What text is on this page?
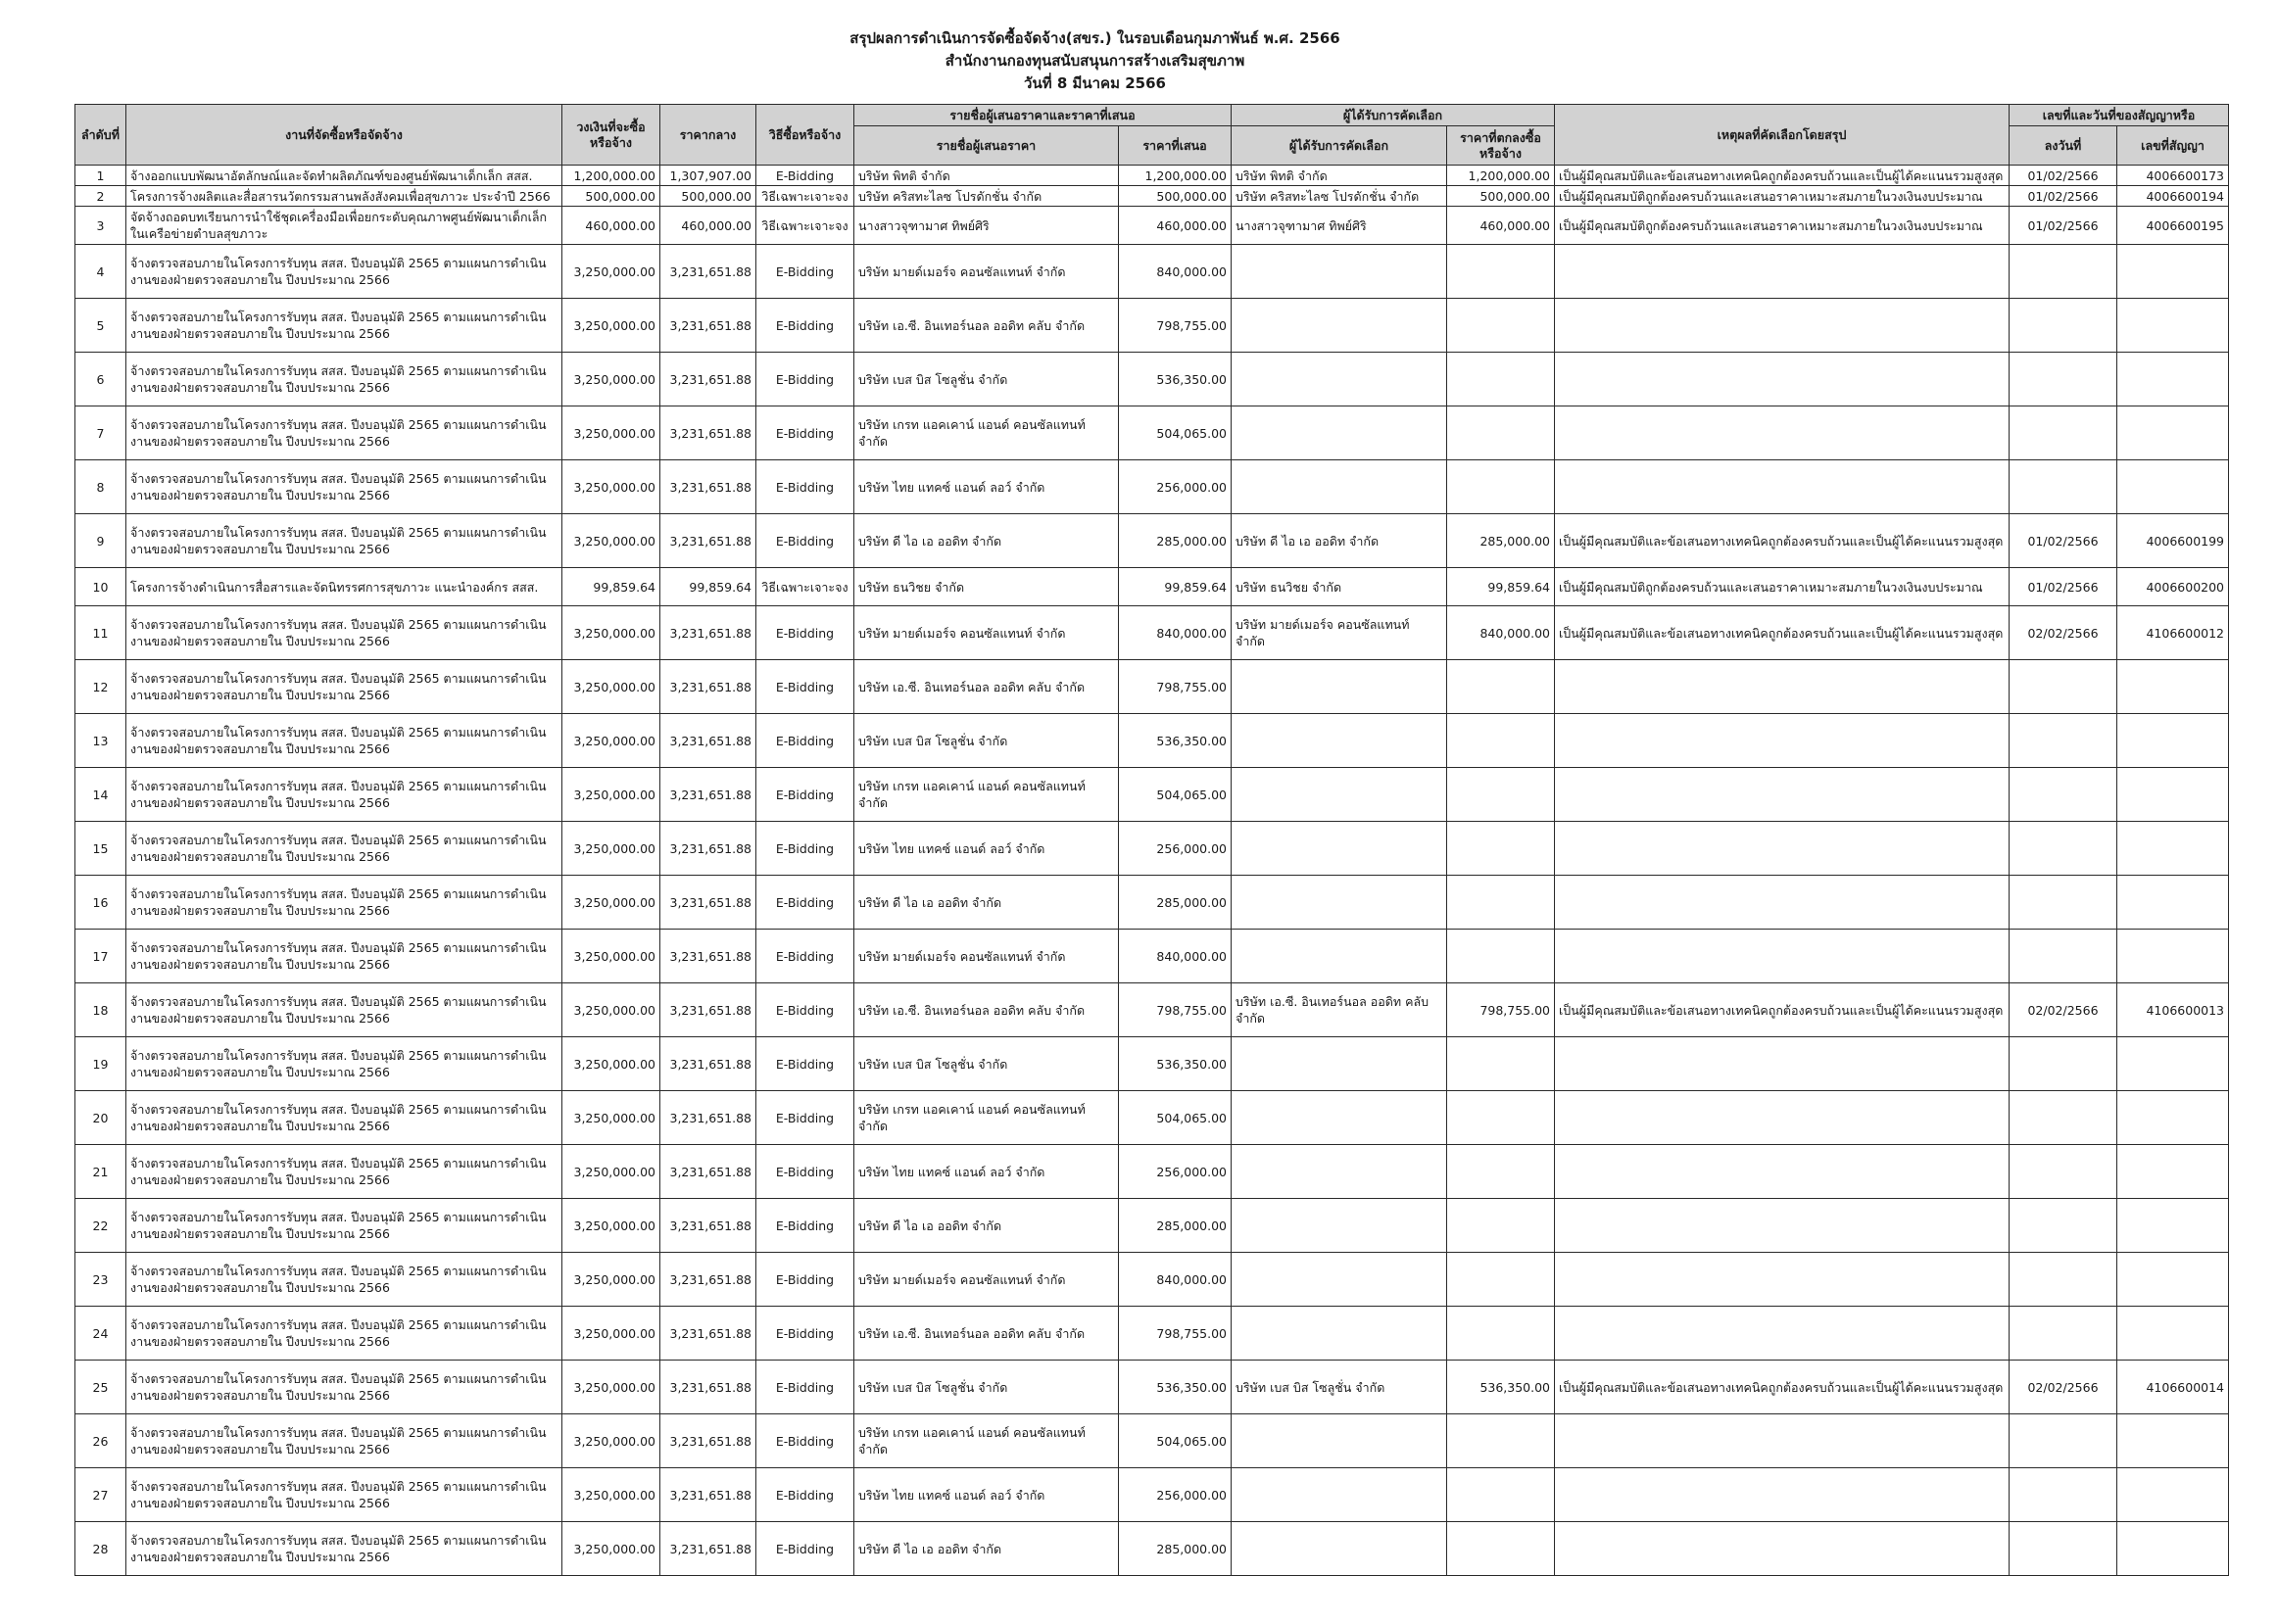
สรุปผลการดำเนินการจัดซื้อจัดจ้าง(สขร.) ในรอบเดือนกุมภาพันธ์ พ.ศ. 2566
สำนักงานกองทุนสนับสนุนการสร้างเสริมสุขภาพ
วันที่ 8 มีนาคม 2566
ลำดับที่	งานที่จัดซื้อหรือจัดจ้าง	วงเงินที่จะซื้อหรือจ้าง	ราคากลาง	วิธีซื้อหรือจ้าง	รายชื่อผู้เสนอราคาและราคาที่เสนอ		ผู้ได้รับการคัดเลือก		เหตุผลที่คัดเลือกโดยสรุป	เลขที่และวันที่ของสัญญาหรือ	
					รายชื่อผู้เสนอราคา	ราคาที่เสนอ	ผู้ได้รับการคัดเลือก	ราคาที่ตกลงซื้อหรือจ้าง		ลงวันที่	เลขที่สัญญา
1	จ้างออกแบบพัฒนาอัตลักษณ์และจัดทำผลิตภัณฑ์ของศูนย์พัฒนาเด็กเล็ก สสส.	1,200,000.00	1,307,907.00	E-Bidding	บริษัท พิทติ จำกัด	1,200,000.00	บริษัท พิทติ จำกัด	1,200,000.00	เป็นผู้มีคุณสมบัติและข้อเสนอทางเทคนิคถูกต้องครบถ้วนและเป็นผู้ได้คะแนนรวมสูงสุด	01/02/2566	4006600173
2	โครงการจ้างผลิตและสื่อสารนวัตกรรมสานพลังสังคมเพื่อสุขภาวะ ประจำปี 2566	500,000.00	500,000.00	วิธีเฉพาะเจาะจง	บริษัท คริสทะไลซ โปรดักชั่น จำกัด	500,000.00	บริษัท คริสทะไลซ โปรดักชั่น จำกัด	500,000.00	เป็นผู้มีคุณสมบัติถูกต้องครบถ้วนและเสนอราคาเหมาะสมภายในวงเงินงบประมาณ	01/02/2566	4006600194
3	จัดจ้างถอดบทเรียนการนำใช้ชุดเครื่องมือเพื่อยกระดับคุณภาพศูนย์พัฒนาเด็กเล็กในเครือข่ายตำบลสุขภาวะ	460,000.00	460,000.00	วิธีเฉพาะเจาะจง	นางสาวจุฑามาศ ทิพย์ศิริ	460,000.00	นางสาวจุฑามาศ ทิพย์ศิริ	460,000.00	เป็นผู้มีคุณสมบัติถูกต้องครบถ้วนและเสนอราคาเหมาะสมภายในวงเงินงบประมาณ	01/02/2566	4006600195
4	จ้างตรวจสอบภายในโครงการรับทุน สสส. ปีงบอนุมัติ 2565 ตามแผนการดำเนินงานของฝ่ายตรวจสอบภายใน ปีงบประมาณ 2566	3,250,000.00	3,231,651.88	E-Bidding	บริษัท มายด์เมอร์จ คอนซัลแทนท์ จำกัด	840,000.00					
5	จ้างตรวจสอบภายในโครงการรับทุน สสส. ปีงบอนุมัติ 2565 ตามแผนการดำเนินงานของฝ่ายตรวจสอบภายใน ปีงบประมาณ 2566	3,250,000.00	3,231,651.88	E-Bidding	บริษัท เอ.ซี. อินเทอร์นอล ออดิท คลับ จำกัด	798,755.00					
6	จ้างตรวจสอบภายในโครงการรับทุน สสส. ปีงบอนุมัติ 2565 ตามแผนการดำเนินงานของฝ่ายตรวจสอบภายใน ปีงบประมาณ 2566	3,250,000.00	3,231,651.88	E-Bidding	บริษัท เบส บิส โซลูชั่น จำกัด	536,350.00					
7	จ้างตรวจสอบภายในโครงการรับทุน สสส. ปีงบอนุมัติ 2565 ตามแผนการดำเนินงานของฝ่ายตรวจสอบภายใน ปีงบประมาณ 2566	3,250,000.00	3,231,651.88	E-Bidding	บริษัท เกรท แอคเคาน์ แอนด์ คอนซัลแทนท์ จำกัด	504,065.00					
8	จ้างตรวจสอบภายในโครงการรับทุน สสส. ปีงบอนุมัติ 2565 ตามแผนการดำเนินงานของฝ่ายตรวจสอบภายใน ปีงบประมาณ 2566	3,250,000.00	3,231,651.88	E-Bidding	บริษัท ไทย แทคซ์ แอนด์ ลอว์ จำกัด	256,000.00					
9	จ้างตรวจสอบภายในโครงการรับทุน สสส. ปีงบอนุมัติ 2565 ตามแผนการดำเนินงานของฝ่ายตรวจสอบภายใน ปีงบประมาณ 2566	3,250,000.00	3,231,651.88	E-Bidding	บริษัท ดี ไอ เอ ออดิท จำกัด	285,000.00	บริษัท ดี ไอ เอ ออดิท จำกัด	285,000.00	เป็นผู้มีคุณสมบัติและข้อเสนอทางเทคนิคถูกต้องครบถ้วนและเป็นผู้ได้คะแนนรวมสูงสุด	01/02/2566	4006600199
10	โครงการจ้างดำเนินการสื่อสารและจัดนิทรรศการสุขภาวะ แนะนำองค์กร สสส.	99,859.64	99,859.64	วิธีเฉพาะเจาะจง	บริษัท ธนวิชย จำกัด	99,859.64	บริษัท ธนวิชย จำกัด	99,859.64	เป็นผู้มีคุณสมบัติถูกต้องครบถ้วนและเสนอราคาเหมาะสมภายในวงเงินงบประมาณ	01/02/2566	4006600200
11	จ้างตรวจสอบภายในโครงการรับทุน สสส. ปีงบอนุมัติ 2565 ตามแผนการดำเนินงานของฝ่ายตรวจสอบภายใน ปีงบประมาณ 2566	3,250,000.00	3,231,651.88	E-Bidding	บริษัท มายด์เมอร์จ คอนซัลแทนท์ จำกัด	840,000.00	บริษัท มายด์เมอร์จ คอนซัลแทนท์ จำกัด	840,000.00	เป็นผู้มีคุณสมบัติและข้อเสนอทางเทคนิคถูกต้องครบถ้วนและเป็นผู้ได้คะแนนรวมสูงสุด	02/02/2566	4106600012
12	จ้างตรวจสอบภายในโครงการรับทุน สสส. ปีงบอนุมัติ 2565 ตามแผนการดำเนินงานของฝ่ายตรวจสอบภายใน ปีงบประมาณ 2566	3,250,000.00	3,231,651.88	E-Bidding	บริษัท เอ.ซี. อินเทอร์นอล ออดิท คลับ จำกัด	798,755.00					
13	จ้างตรวจสอบภายในโครงการรับทุน สสส. ปีงบอนุมัติ 2565 ตามแผนการดำเนินงานของฝ่ายตรวจสอบภายใน ปีงบประมาณ 2566	3,250,000.00	3,231,651.88	E-Bidding	บริษัท เบส บิส โซลูชั่น จำกัด	536,350.00					
14	จ้างตรวจสอบภายในโครงการรับทุน สสส. ปีงบอนุมัติ 2565 ตามแผนการดำเนินงานของฝ่ายตรวจสอบภายใน ปีงบประมาณ 2566	3,250,000.00	3,231,651.88	E-Bidding	บริษัท เกรท แอคเคาน์ แอนด์ คอนซัลแทนท์ จำกัด	504,065.00					
15	จ้างตรวจสอบภายในโครงการรับทุน สสส. ปีงบอนุมัติ 2565 ตามแผนการดำเนินงานของฝ่ายตรวจสอบภายใน ปีงบประมาณ 2566	3,250,000.00	3,231,651.88	E-Bidding	บริษัท ไทย แทคซ์ แอนด์ ลอว์ จำกัด	256,000.00					
16	จ้างตรวจสอบภายในโครงการรับทุน สสส. ปีงบอนุมัติ 2565 ตามแผนการดำเนินงานของฝ่ายตรวจสอบภายใน ปีงบประมาณ 2566	3,250,000.00	3,231,651.88	E-Bidding	บริษัท ดี ไอ เอ ออดิท จำกัด	285,000.00					
17	จ้างตรวจสอบภายในโครงการรับทุน สสส. ปีงบอนุมัติ 2565 ตามแผนการดำเนินงานของฝ่ายตรวจสอบภายใน ปีงบประมาณ 2566	3,250,000.00	3,231,651.88	E-Bidding	บริษัท มายด์เมอร์จ คอนซัลแทนท์ จำกัด	840,000.00					
18	จ้างตรวจสอบภายในโครงการรับทุน สสส. ปีงบอนุมัติ 2565 ตามแผนการดำเนินงานของฝ่ายตรวจสอบภายใน ปีงบประมาณ 2566	3,250,000.00	3,231,651.88	E-Bidding	บริษัท เอ.ซี. อินเทอร์นอล ออดิท คลับ จำกัด	798,755.00	บริษัท เอ.ซี. อินเทอร์นอล ออดิท คลับ จำกัด	798,755.00	เป็นผู้มีคุณสมบัติและข้อเสนอทางเทคนิคถูกต้องครบถ้วนและเป็นผู้ได้คะแนนรวมสูงสุด	02/02/2566	4106600013
19	จ้างตรวจสอบภายในโครงการรับทุน สสส. ปีงบอนุมัติ 2565 ตามแผนการดำเนินงานของฝ่ายตรวจสอบภายใน ปีงบประมาณ 2566	3,250,000.00	3,231,651.88	E-Bidding	บริษัท เบส บิส โซลูชั่น จำกัด	536,350.00					
20	จ้างตรวจสอบภายในโครงการรับทุน สสส. ปีงบอนุมัติ 2565 ตามแผนการดำเนินงานของฝ่ายตรวจสอบภายใน ปีงบประมาณ 2566	3,250,000.00	3,231,651.88	E-Bidding	บริษัท เกรท แอคเคาน์ แอนด์ คอนซัลแทนท์ จำกัด	504,065.00					
21	จ้างตรวจสอบภายในโครงการรับทุน สสส. ปีงบอนุมัติ 2565 ตามแผนการดำเนินงานของฝ่ายตรวจสอบภายใน ปีงบประมาณ 2566	3,250,000.00	3,231,651.88	E-Bidding	บริษัท ไทย แทคซ์ แอนด์ ลอว์ จำกัด	256,000.00					
22	จ้างตรวจสอบภายในโครงการรับทุน สสส. ปีงบอนุมัติ 2565 ตามแผนการดำเนินงานของฝ่ายตรวจสอบภายใน ปีงบประมาณ 2566	3,250,000.00	3,231,651.88	E-Bidding	บริษัท ดี ไอ เอ ออดิท จำกัด	285,000.00					
23	จ้างตรวจสอบภายในโครงการรับทุน สสส. ปีงบอนุมัติ 2565 ตามแผนการดำเนินงานของฝ่ายตรวจสอบภายใน ปีงบประมาณ 2566	3,250,000.00	3,231,651.88	E-Bidding	บริษัท มายด์เมอร์จ คอนซัลแทนท์ จำกัด	840,000.00					
24	จ้างตรวจสอบภายในโครงการรับทุน สสส. ปีงบอนุมัติ 2565 ตามแผนการดำเนินงานของฝ่ายตรวจสอบภายใน ปีงบประมาณ 2566	3,250,000.00	3,231,651.88	E-Bidding	บริษัท เอ.ซี. อินเทอร์นอล ออดิท คลับ จำกัด	798,755.00					
25	จ้างตรวจสอบภายในโครงการรับทุน สสส. ปีงบอนุมัติ 2565 ตามแผนการดำเนินงานของฝ่ายตรวจสอบภายใน ปีงบประมาณ 2566	3,250,000.00	3,231,651.88	E-Bidding	บริษัท เบส บิส โซลูชั่น จำกัด	536,350.00	บริษัท เบส บิส โซลูชั่น จำกัด	536,350.00	เป็นผู้มีคุณสมบัติและข้อเสนอทางเทคนิคถูกต้องครบถ้วนและเป็นผู้ได้คะแนนรวมสูงสุด	02/02/2566	4106600014
26	จ้างตรวจสอบภายในโครงการรับทุน สสส. ปีงบอนุมัติ 2565 ตามแผนการดำเนินงานของฝ่ายตรวจสอบภายใน ปีงบประมาณ 2566	3,250,000.00	3,231,651.88	E-Bidding	บริษัท เกรท แอคเคาน์ แอนด์ คอนซัลแทนท์ จำกัด	504,065.00					
27	จ้างตรวจสอบภายในโครงการรับทุน สสส. ปีงบอนุมัติ 2565 ตามแผนการดำเนินงานของฝ่ายตรวจสอบภายใน ปีงบประมาณ 2566	3,250,000.00	3,231,651.88	E-Bidding	บริษัท ไทย แทคซ์ แอนด์ ลอว์ จำกัด	256,000.00					
28	จ้างตรวจสอบภายในโครงการรับทุน สสส. ปีงบอนุมัติ 2565 ตามแผนการดำเนินงานของฝ่ายตรวจสอบภายใน ปีงบประมาณ 2566	3,250,000.00	3,231,651.88	E-Bidding	บริษัท ดี ไอ เอ ออดิท จำกัด	285,000.00					
